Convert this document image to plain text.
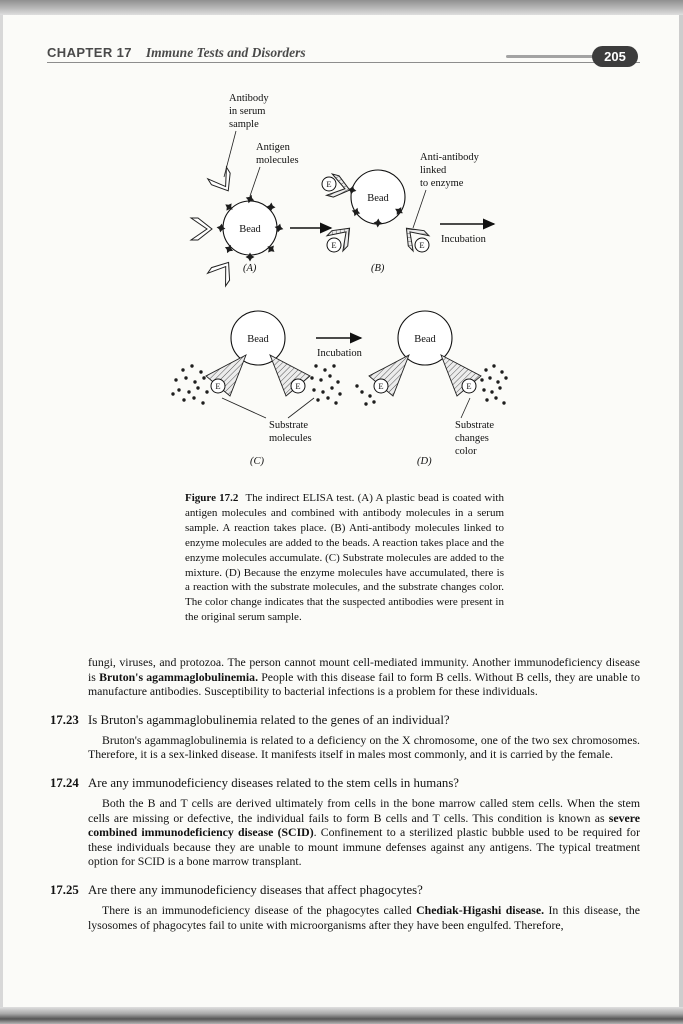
CHAPTER 17 Immune Tests and Disorders	205
Bead
Antibody
in serum
sample
Antigen
molecules
(A)
Bead
E	E
E
Anti-antibody
linked
to enzyme
Incubation
(B)
Bead
E	E
Substrate
molecules
(C)
Incubation
Bead
E	E
Substrate
changes
color
(D)
Figure 17.2 The indirect ELISA test. (A) A plastic bead is coated with antigen molecules and combined with antibody molecules in a serum sample. A reaction takes place. (B) Anti-antibody molecules linked to enzyme molecules are added to the beads. A reaction takes place and the enzyme molecules accumulate. (C) Substrate molecules are added to the mixture. (D) Because the enzyme molecules have accumulated, there is a reaction with the substrate molecules, and the substrate changes color. The color change indicates that the suspected antibodies were present in the original serum sample.

fungi, viruses, and protozoa. The person cannot mount cell-mediated immunity. Another immunodeficiency disease is Bruton's agammaglobulinemia. People with this disease fail to form B cells. Without B cells, they are unable to manufacture antibodies. Susceptibility to bacterial infections is a problem for these individuals.

17.23 Is Bruton's agammaglobulinemia related to the genes of an individual?

Bruton's agammaglobulinemia is related to a deficiency on the X chromosome, one of the two sex chromosomes. Therefore, it is a sex-linked disease. It manifests itself in males most commonly, and it is carried by the female.

17.24 Are any immunodeficiency diseases related to the stem cells in humans?

Both the B and T cells are derived ultimately from cells in the bone marrow called stem cells. When the stem cells are missing or defective, the individual fails to form B cells and T cells. This condition is known as severe combined immunodeficiency disease (SCID). Confinement to a sterilized plastic bubble used to be required for these individuals because they are unable to mount immune defenses against any antigens. The typical treatment option for SCID is a bone marrow transplant.

17.25 Are there any immunodeficiency diseases that affect phagocytes?

There is an immunodeficiency disease of the phagocytes called Chediak-Higashi disease. In this disease, the lysosomes of phagocytes fail to unite with microorganisms after they have been engulfed. Therefore,
